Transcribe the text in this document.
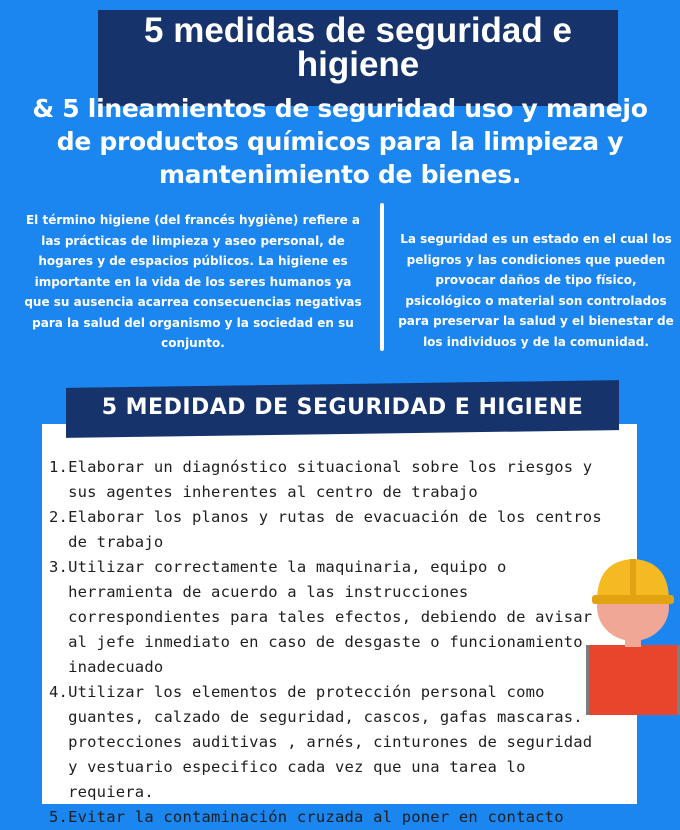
5 medidas de seguridad e higiene
& 5 lineamientos de seguridad uso y manejo de productos químicos para la limpieza y mantenimiento de bienes.
El término higiene (del francés hygiène) refiere a las prácticas de limpieza y aseo personal, de hogares y de espacios públicos. La higiene es importante en la vida de los seres humanos ya que su ausencia acarrea consecuencias negativas para la salud del organismo y la sociedad en su conjunto.
La seguridad es un estado en el cual los peligros y las condiciones que pueden provocar daños de tipo físico, psicológico o material son controlados para preservar la salud y el bienestar de los individuos y de la comunidad.
5 MEDIDAD DE SEGURIDAD E HIGIENE
1. Elaborar un diagnóstico situacional sobre los riesgos y sus agentes inherentes al centro de trabajo
2. Elaborar los planos y rutas de evacuación de los centros de trabajo
3. Utilizar correctamente la maquinaria, equipo o herramienta de acuerdo a las instrucciones correspondientes para tales efectos, debiendo de avisar al jefe inmediato en caso de desgaste o funcionamiento inadecuado
4. Utilizar los elementos de protección personal como guantes, calzado de seguridad, cascos, gafas mascaras. protecciones auditivas , arnés, cinturones de seguridad y vestuario especifico cada vez que una tarea lo requiera.
5. Evitar la contaminación cruzada al poner en contacto
